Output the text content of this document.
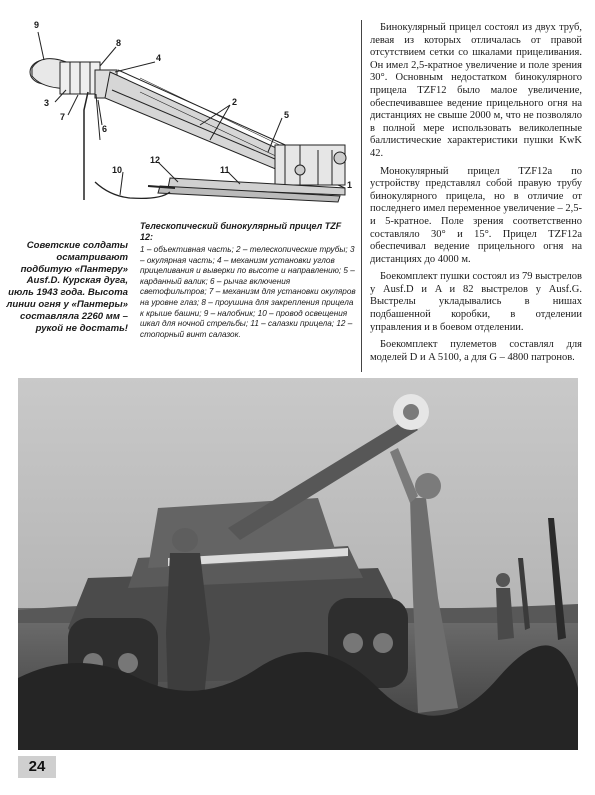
9
8
4
3
7
6
2
5
12
11
10
1
Телескопический бинокулярный прицел TZF 12:
1 – объективная часть; 2 – телескопические трубы; 3 – окулярная часть; 4 – механизм установки углов прицеливания и выверки по высоте и направлению; 5 – карданный валик; 6 – рычаг включения светофильтров; 7 – механизм для установки окуляров на уровне глаз; 8 – проушина для закрепления прицела к крыше башни; 9 – налобник; 10 – провод освещения шкал для ночной стрельбы; 11 – салазки прицела; 12 – стопорный винт салазок.
Советские солдаты осматривают подбитую «Пантеру» Ausf.D. Курская дуга, июль 1943 года. Высота линии огня у «Пантеры» составляла 2260 мм – рукой не достать!

Бинокулярный прицел состоял из двух труб, левая из которых отличалась от правой отсутствием сетки со шкалами прицеливания. Он имел 2,5-кратное увеличение и поле зрения 30°. Основным недостатком бинокулярного прицела TZF12 было малое увеличение, обеспечивавшее ведение прицельного огня на дистанциях не свыше 2000 м, что не позволяло в полной мере использовать великолепные баллистические характеристики пушки KwK 42.

Монокулярный прицел TZF12a по устройству представлял собой правую трубу бинокулярного прицела, но в отличие от последнего имел переменное увеличение – 2,5- и 5-кратное. Поле зрения соответственно составляло 30° и 15°. Прицел TZF12a обеспечивал ведение прицельного огня на дистанциях до 4000 м.

Боекомплект пушки состоял из 79 выстрелов у Ausf.D и A и 82 выстрелов у Ausf.G. Выстрелы укладывались в нишах подбашенной коробки, в отделении управления и в боевом отделении.

Боекомплект пулеметов составлял для моделей D и A 5100, а для G – 4800 патронов.

24
